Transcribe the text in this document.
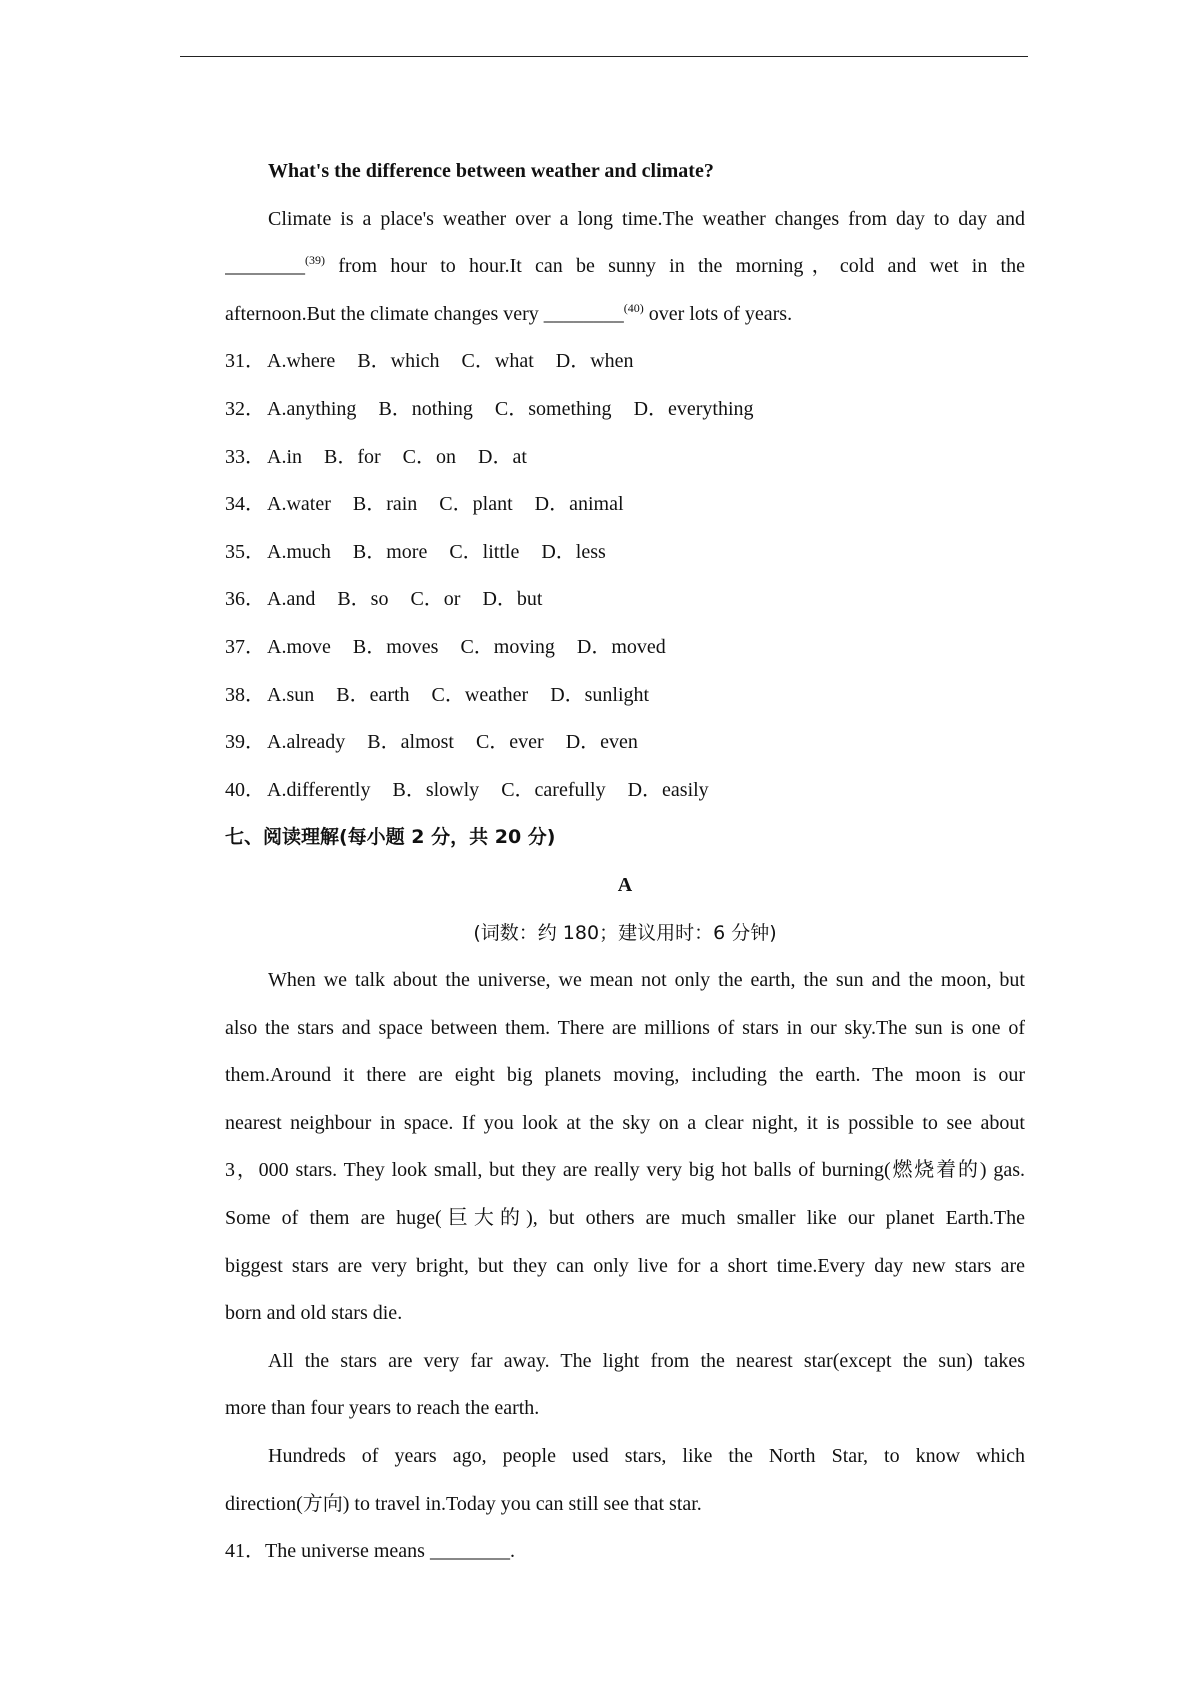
What's the difference between weather and climate?
Climate is a place's weather over a long time.The weather changes from day to day and
________$^{(39)}$ from hour to hour.It can be sunny in the morning，cold and wet in the
afternoon.But the climate changes very ________$^{(40)}$ over lots of years.
31． A.where B．which C．what D．when
32． A.anything B．nothing C．something D．everything
33． A.in B．for C．on D．at
34． A.water B．rain C．plant D．animal
35． A.much B．more C．little D．less
36． A.and B．so C．or D．but
37． A.move B．moves C．moving D．moved
38． A.sun B．earth C．weather D．sunlight
39． A.already B．almost C．ever D．even
40． A.differently B．slowly C．carefully D．easily
七、阅读理解(每小题 2 分，共 20 分)
A
(词数：约 180；建议用时：6 分钟)
When we talk about the universe, we mean not only the earth, the sun and the moon, but
also the stars and space between them. There are millions of stars in our sky.The sun is one of
them.Around it there are eight big planets moving, including the earth. The moon is our
nearest neighbour in space. If you look at the sky on a clear night, it is possible to see about
3，000 stars. They look small, but they are really very big hot balls of burning(燃烧着的) gas.
Some of them are huge(巨大的), but others are much smaller like our planet Earth.The
biggest stars are very bright, but they can only live for a short time.Every day new stars are
born and old stars die.
All the stars are very far away. The light from the nearest star(except the sun) takes
more than four years to reach the earth.
Hundreds of years ago, people used stars, like the North Star, to know which
direction(方向) to travel in.Today you can still see that star.
41．The universe means ________.
